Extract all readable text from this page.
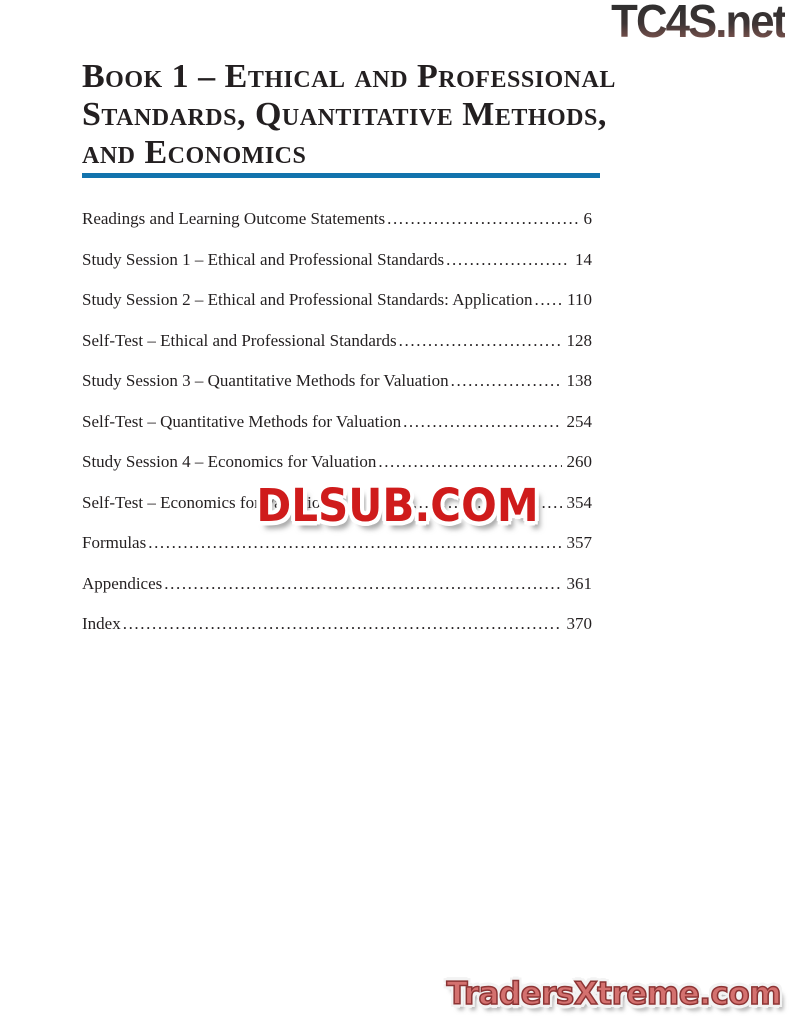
TC4S.net
Book 1 – Ethical and Professional
Standards, Quantitative Methods,
and Economics
Readings and Learning Outcome Statements .....	6
Study Session 1 – Ethical and Professional Standards .....	14
Study Session 2 – Ethical and Professional Standards: Application ..... 110
Self-Test – Ethical and Professional Standards .....	128
Study Session 3 – Quantitative Methods for Valuation .....	138
Self-Test – Quantitative Methods for Valuation .....	254
Study Session 4 – Economics for Valuation .....	260
Self-Test – Economics for Valuation .....	354
Formulas .....	357
Appendices .....	361
Index .....	370
DLSUB.COM
TradersXtreme.com
